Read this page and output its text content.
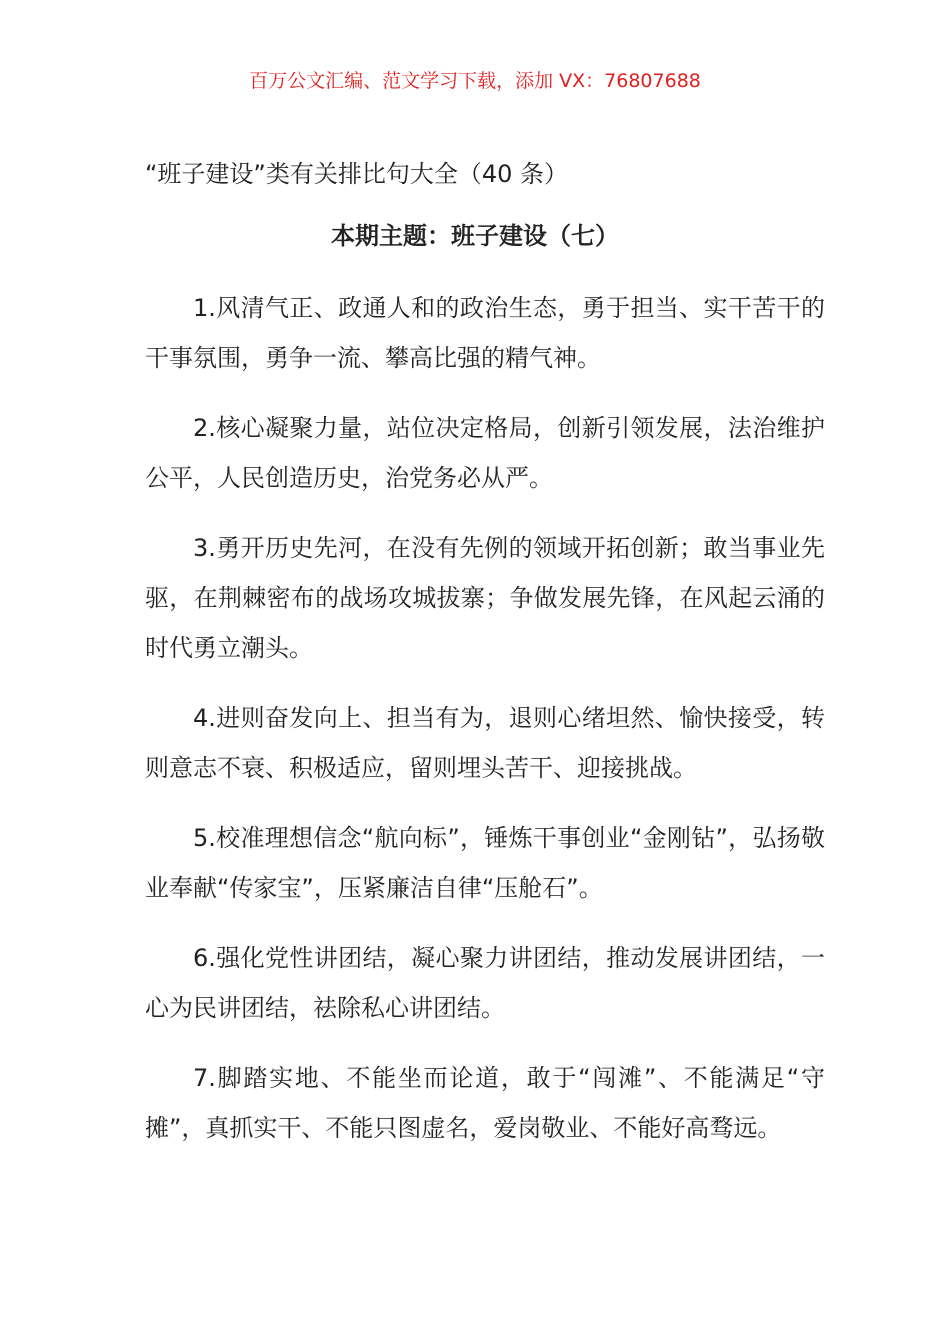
百万公文汇编、范文学习下载，添加 VX：76807688
“班子建设”类有关排比句大全（40 条）
本期主题：班子建设（七）

1.风清气正、政通人和的政治生态，勇于担当、实干苦干的干事氛围，勇争一流、攀高比强的精气神。

2.核心凝聚力量，站位决定格局，创新引领发展，法治维护公平，人民创造历史，治党务必从严。

3.勇开历史先河，在没有先例的领域开拓创新；敢当事业先驱，在荆棘密布的战场攻城拔寨；争做发展先锋，在风起云涌的时代勇立潮头。

4.进则奋发向上、担当有为，退则心绪坦然、愉快接受，转则意志不衰、积极适应，留则埋头苦干、迎接挑战。

5.校准理想信念“航向标”，锤炼干事创业“金刚钻”，弘扬敬业奉献“传家宝”，压紧廉洁自律“压舱石”。

6.强化党性讲团结，凝心聚力讲团结，推动发展讲团结，一心为民讲团结，祛除私心讲团结。

7.脚踏实地、不能坐而论道，敢于“闯滩”、不能满足“守摊”，真抓实干、不能只图虚名，爱岗敬业、不能好高骛远。
